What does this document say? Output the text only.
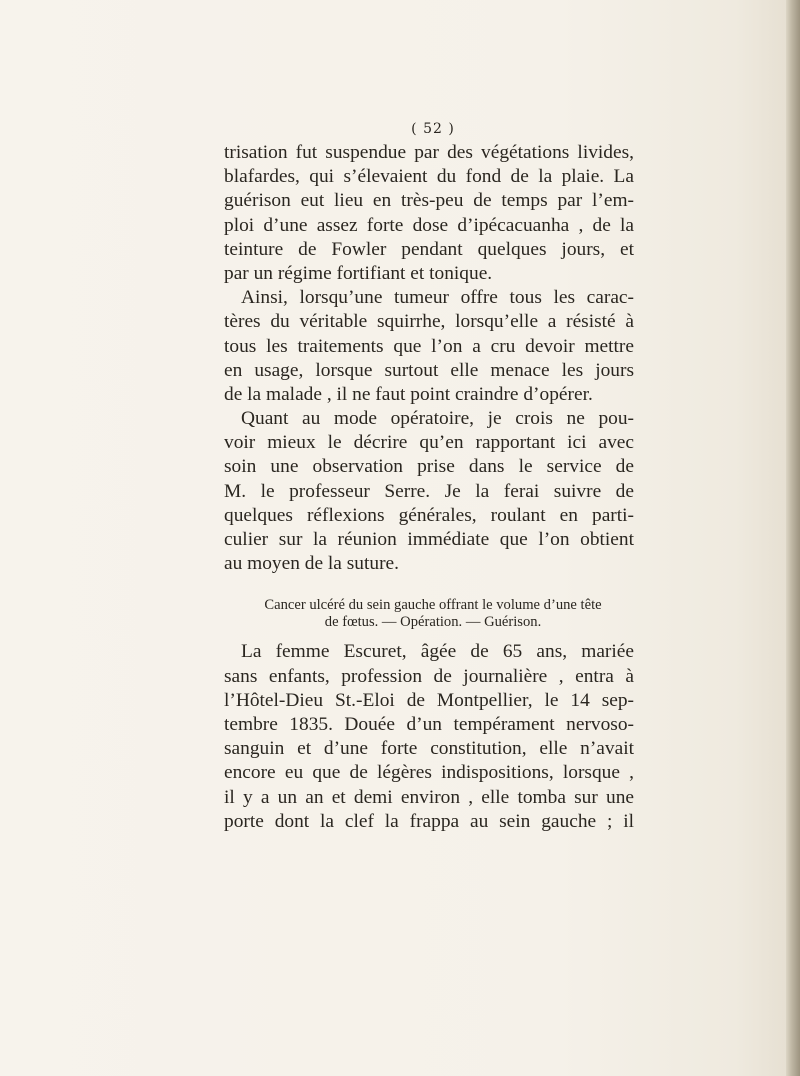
( 52 )
trisation fut suspendue par des végétations livides,
blafardes, qui s’élevaient du fond de la plaie. La
guérison eut lieu en très-peu de temps par l’em-
ploi d’une assez forte dose d’ipécacuanha , de la
teinture de Fowler pendant quelques jours, et
par un régime fortifiant et tonique.
Ainsi, lorsqu’une tumeur offre tous les carac-
tères du véritable squirrhe, lorsqu’elle a résisté à
tous les traitements que l’on a cru devoir mettre
en usage, lorsque surtout elle menace les jours
de la malade , il ne faut point craindre d’opérer.
Quant au mode opératoire, je crois ne pou-
voir mieux le décrire qu’en rapportant ici avec
soin une observation prise dans le service de
M. le professeur Serre. Je la ferai suivre de
quelques réflexions générales, roulant en parti-
culier sur la réunion immédiate que l’on obtient
au moyen de la suture.
Cancer ulcéré du sein gauche offrant le volume d’une tête
de fœtus. — Opération. — Guérison.
La femme Escuret, âgée de 65 ans, mariée
sans enfants, profession de journalière , entra à
l’Hôtel-Dieu St.-Eloi de Montpellier, le 14 sep-
tembre 1835. Douée d’un tempérament nervoso-
sanguin et d’une forte constitution, elle n’avait
encore eu que de légères indispositions, lorsque ,
il y a un an et demi environ , elle tomba sur une
porte dont la clef la frappa au sein gauche ; il
